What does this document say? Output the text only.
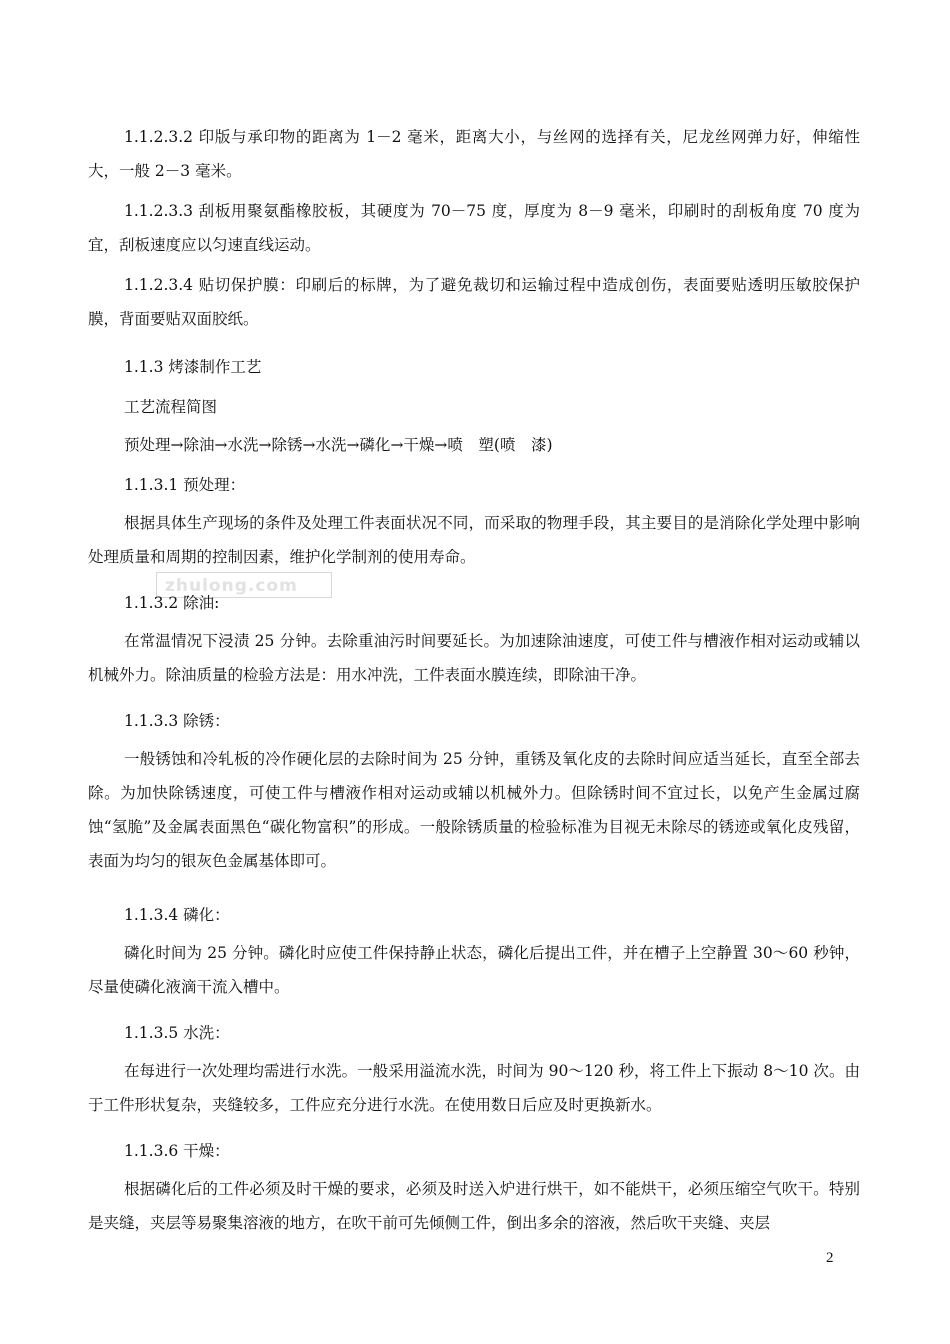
1.1.2.3.2 印版与承印物的距离为 1－2 毫米，距离大小，与丝网的选择有关，尼龙丝网弹力好，伸缩性大，一般 2－3 毫米。
1.1.2.3.3 刮板用聚氨酯橡胶板，其硬度为 70－75 度，厚度为 8－9 毫米，印刷时的刮板角度 70 度为宜，刮板速度应以匀速直线运动。
1.1.2.3.4 贴切保护膜：印刷后的标牌，为了避免裁切和运输过程中造成创伤，表面要贴透明压敏胶保护膜，背面要贴双面胶纸。
1.1.3 烤漆制作工艺
工艺流程简图
预处理→除油→水洗→除锈→水洗→磷化→干燥→喷　塑(喷　漆)
1.1.3.1 预处理：
根据具体生产现场的条件及处理工件表面状况不同，而采取的物理手段，其主要目的是消除化学处理中影响处理质量和周期的控制因素，维护化学制剂的使用寿命。
zhulong.com
1.1.3.2 除油:
在常温情况下浸渍 25 分钟。去除重油污时间要延长。为加速除油速度，可使工件与槽液作相对运动或辅以机械外力。除油质量的检验方法是：用水冲洗，工件表面水膜连续，即除油干净。
1.1.3.3 除锈：
一般锈蚀和冷轧板的冷作硬化层的去除时间为 25 分钟，重锈及氧化皮的去除时间应适当延长，直至全部去除。为加快除锈速度，可使工件与槽液作相对运动或辅以机械外力。但除锈时间不宜过长，以免产生金属过腐蚀“氢脆”及金属表面黑色“碳化物富积”的形成。一般除锈质量的检验标准为目视无未除尽的锈迹或氧化皮残留，表面为均匀的银灰色金属基体即可。
1.1.3.4 磷化：
磷化时间为 25 分钟。磷化时应使工件保持静止状态，磷化后提出工件，并在槽子上空静置 30～60 秒钟，尽量使磷化液滴干流入槽中。
1.1.3.5 水洗：
在每进行一次处理均需进行水洗。一般采用溢流水洗，时间为 90～120 秒，将工件上下振动 8～10 次。由于工件形状复杂，夹缝较多，工件应充分进行水洗。在使用数日后应及时更换新水。
1.1.3.6 干燥：
根据磷化后的工件必须及时干燥的要求，必须及时送入炉进行烘干，如不能烘干，必须压缩空气吹干。特别是夹缝，夹层等易聚集溶液的地方，在吹干前可先倾侧工件，倒出多余的溶液，然后吹干夹缝、夹层
2
